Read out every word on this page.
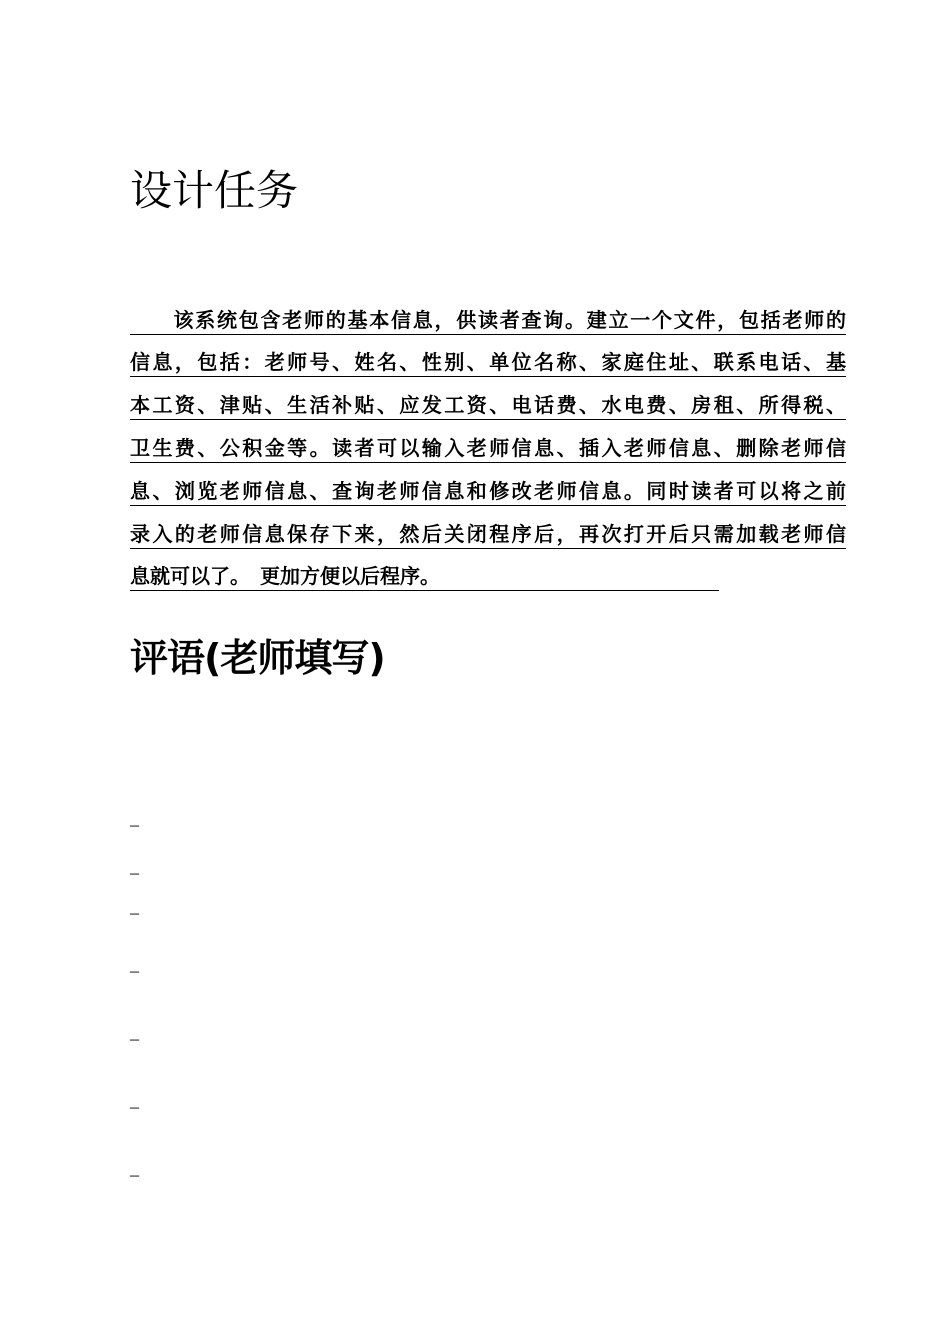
设计任务
　　该系统包含老师的基本信息，供读者查询。建立一个文件，包括老师的
信息，包括：老师号、姓名、性别、单位名称、家庭住址、联系电话、基
本工资、津贴、生活补贴、应发工资、电话费、水电费、房租、所得税、
卫生费、公积金等。读者可以输入老师信息、插入老师信息、删除老师信
息、浏览老师信息、查询老师信息和修改老师信息。同时读者可以将之前
录入的老师信息保存下来，然后关闭程序后，再次打开后只需加载老师信
息就可以了。　更加方便以后程序。
评语(老师填写)
_
_
_
_
_
_
_
